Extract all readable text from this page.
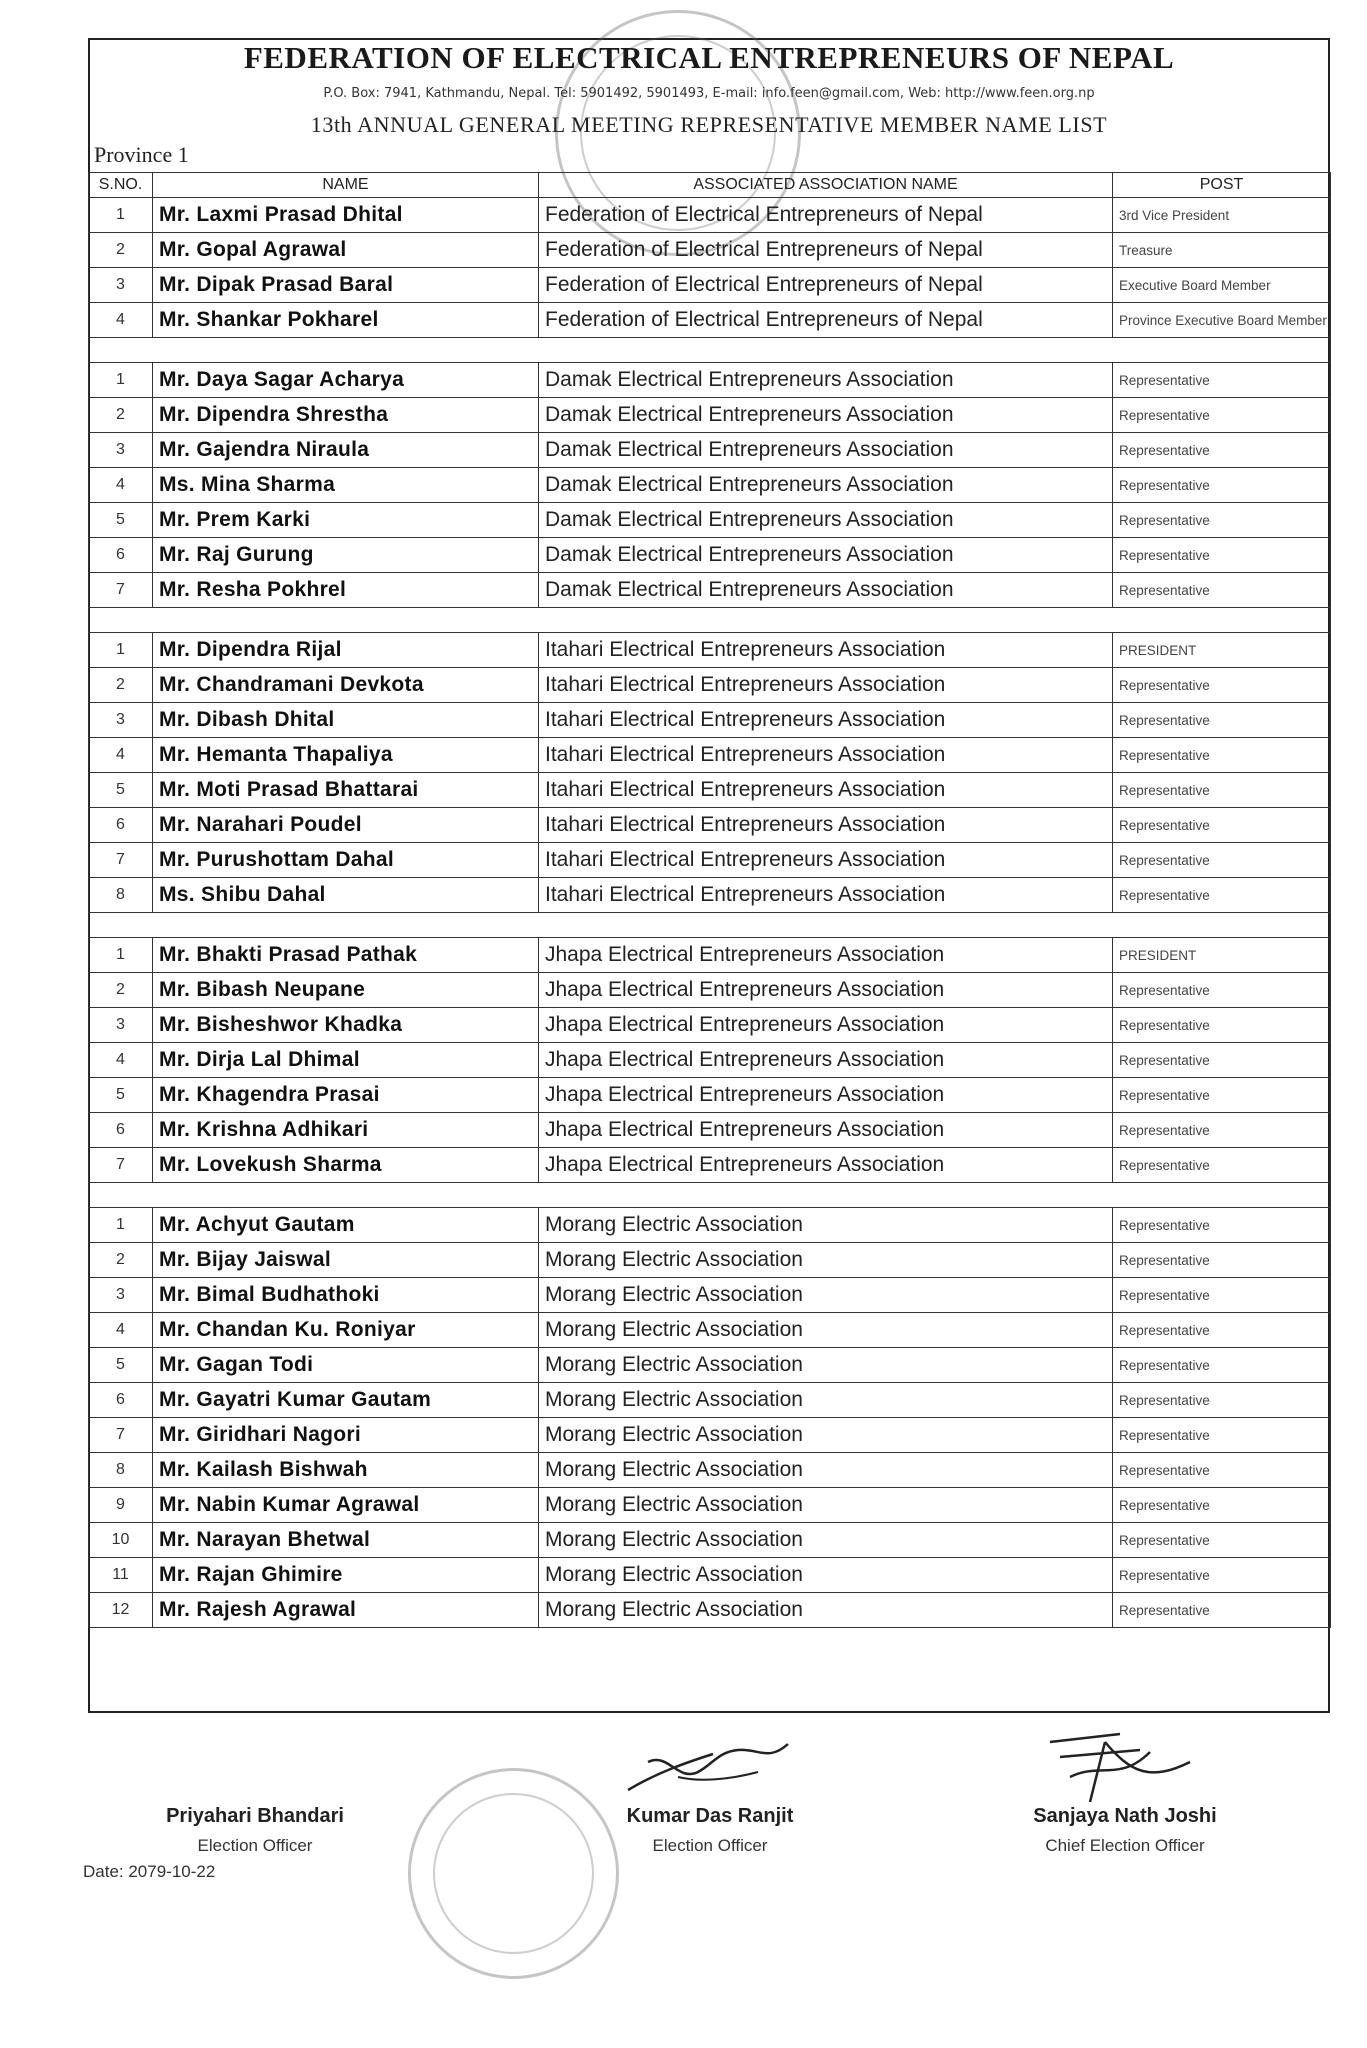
FEDERATION OF ELECTRICAL ENTREPRENEURS OF NEPAL
P.O. Box: 7941, Kathmandu, Nepal. Tel: 5901492, 5901493, E-mail: info.feen@gmail.com, Web: http://www.feen.org.np
13th ANNUAL GENERAL MEETING REPRESENTATIVE MEMBER NAME LIST
Province 1
S.NO.	NAME	ASSOCIATED ASSOCIATION NAME	POST
1	Mr. Laxmi Prasad Dhital	Federation of Electrical Entrepreneurs of Nepal	3rd Vice President
2	Mr. Gopal Agrawal	Federation of Electrical Entrepreneurs of Nepal	Treasure
3	Mr. Dipak Prasad Baral	Federation of Electrical Entrepreneurs of Nepal	Executive Board Member
4	Mr. Shankar Pokharel	Federation of Electrical Entrepreneurs of Nepal	Province Executive Board Member

1	Mr. Daya Sagar Acharya	Damak Electrical Entrepreneurs Association	Representative
2	Mr. Dipendra Shrestha	Damak Electrical Entrepreneurs Association	Representative
3	Mr. Gajendra Niraula	Damak Electrical Entrepreneurs Association	Representative
4	Ms. Mina Sharma	Damak Electrical Entrepreneurs Association	Representative
5	Mr. Prem Karki	Damak Electrical Entrepreneurs Association	Representative
6	Mr. Raj Gurung	Damak Electrical Entrepreneurs Association	Representative
7	Mr. Resha Pokhrel	Damak Electrical Entrepreneurs Association	Representative

1	Mr. Dipendra Rijal	Itahari Electrical Entrepreneurs Association	PRESIDENT
2	Mr. Chandramani Devkota	Itahari Electrical Entrepreneurs Association	Representative
3	Mr. Dibash Dhital	Itahari Electrical Entrepreneurs Association	Representative
4	Mr. Hemanta Thapaliya	Itahari Electrical Entrepreneurs Association	Representative
5	Mr. Moti Prasad Bhattarai	Itahari Electrical Entrepreneurs Association	Representative
6	Mr. Narahari Poudel	Itahari Electrical Entrepreneurs Association	Representative
7	Mr. Purushottam Dahal	Itahari Electrical Entrepreneurs Association	Representative
8	Ms. Shibu Dahal	Itahari Electrical Entrepreneurs Association	Representative

1	Mr. Bhakti Prasad Pathak	Jhapa Electrical Entrepreneurs Association	PRESIDENT
2	Mr. Bibash Neupane	Jhapa Electrical Entrepreneurs Association	Representative
3	Mr. Bisheshwor Khadka	Jhapa Electrical Entrepreneurs Association	Representative
4	Mr. Dirja Lal Dhimal	Jhapa Electrical Entrepreneurs Association	Representative
5	Mr. Khagendra Prasai	Jhapa Electrical Entrepreneurs Association	Representative
6	Mr. Krishna Adhikari	Jhapa Electrical Entrepreneurs Association	Representative
7	Mr. Lovekush Sharma	Jhapa Electrical Entrepreneurs Association	Representative

1	Mr. Achyut Gautam	Morang Electric Association	Representative
2	Mr. Bijay Jaiswal	Morang Electric Association	Representative
3	Mr. Bimal Budhathoki	Morang Electric Association	Representative
4	Mr. Chandan Ku. Roniyar	Morang Electric Association	Representative
5	Mr. Gagan Todi	Morang Electric Association	Representative
6	Mr. Gayatri Kumar Gautam	Morang Electric Association	Representative
7	Mr. Giridhari Nagori	Morang Electric Association	Representative
8	Mr. Kailash Bishwah	Morang Electric Association	Representative
9	Mr. Nabin Kumar Agrawal	Morang Electric Association	Representative
10	Mr. Narayan Bhetwal	Morang Electric Association	Representative
11	Mr. Rajan Ghimire	Morang Electric Association	Representative
12	Mr. Rajesh Agrawal	Morang Electric Association	Representative
Priyahari Bhandari
Election Officer
Kumar Das Ranjit
Election Officer
Sanjaya Nath Joshi
Chief Election Officer
Date: 2079-10-22
